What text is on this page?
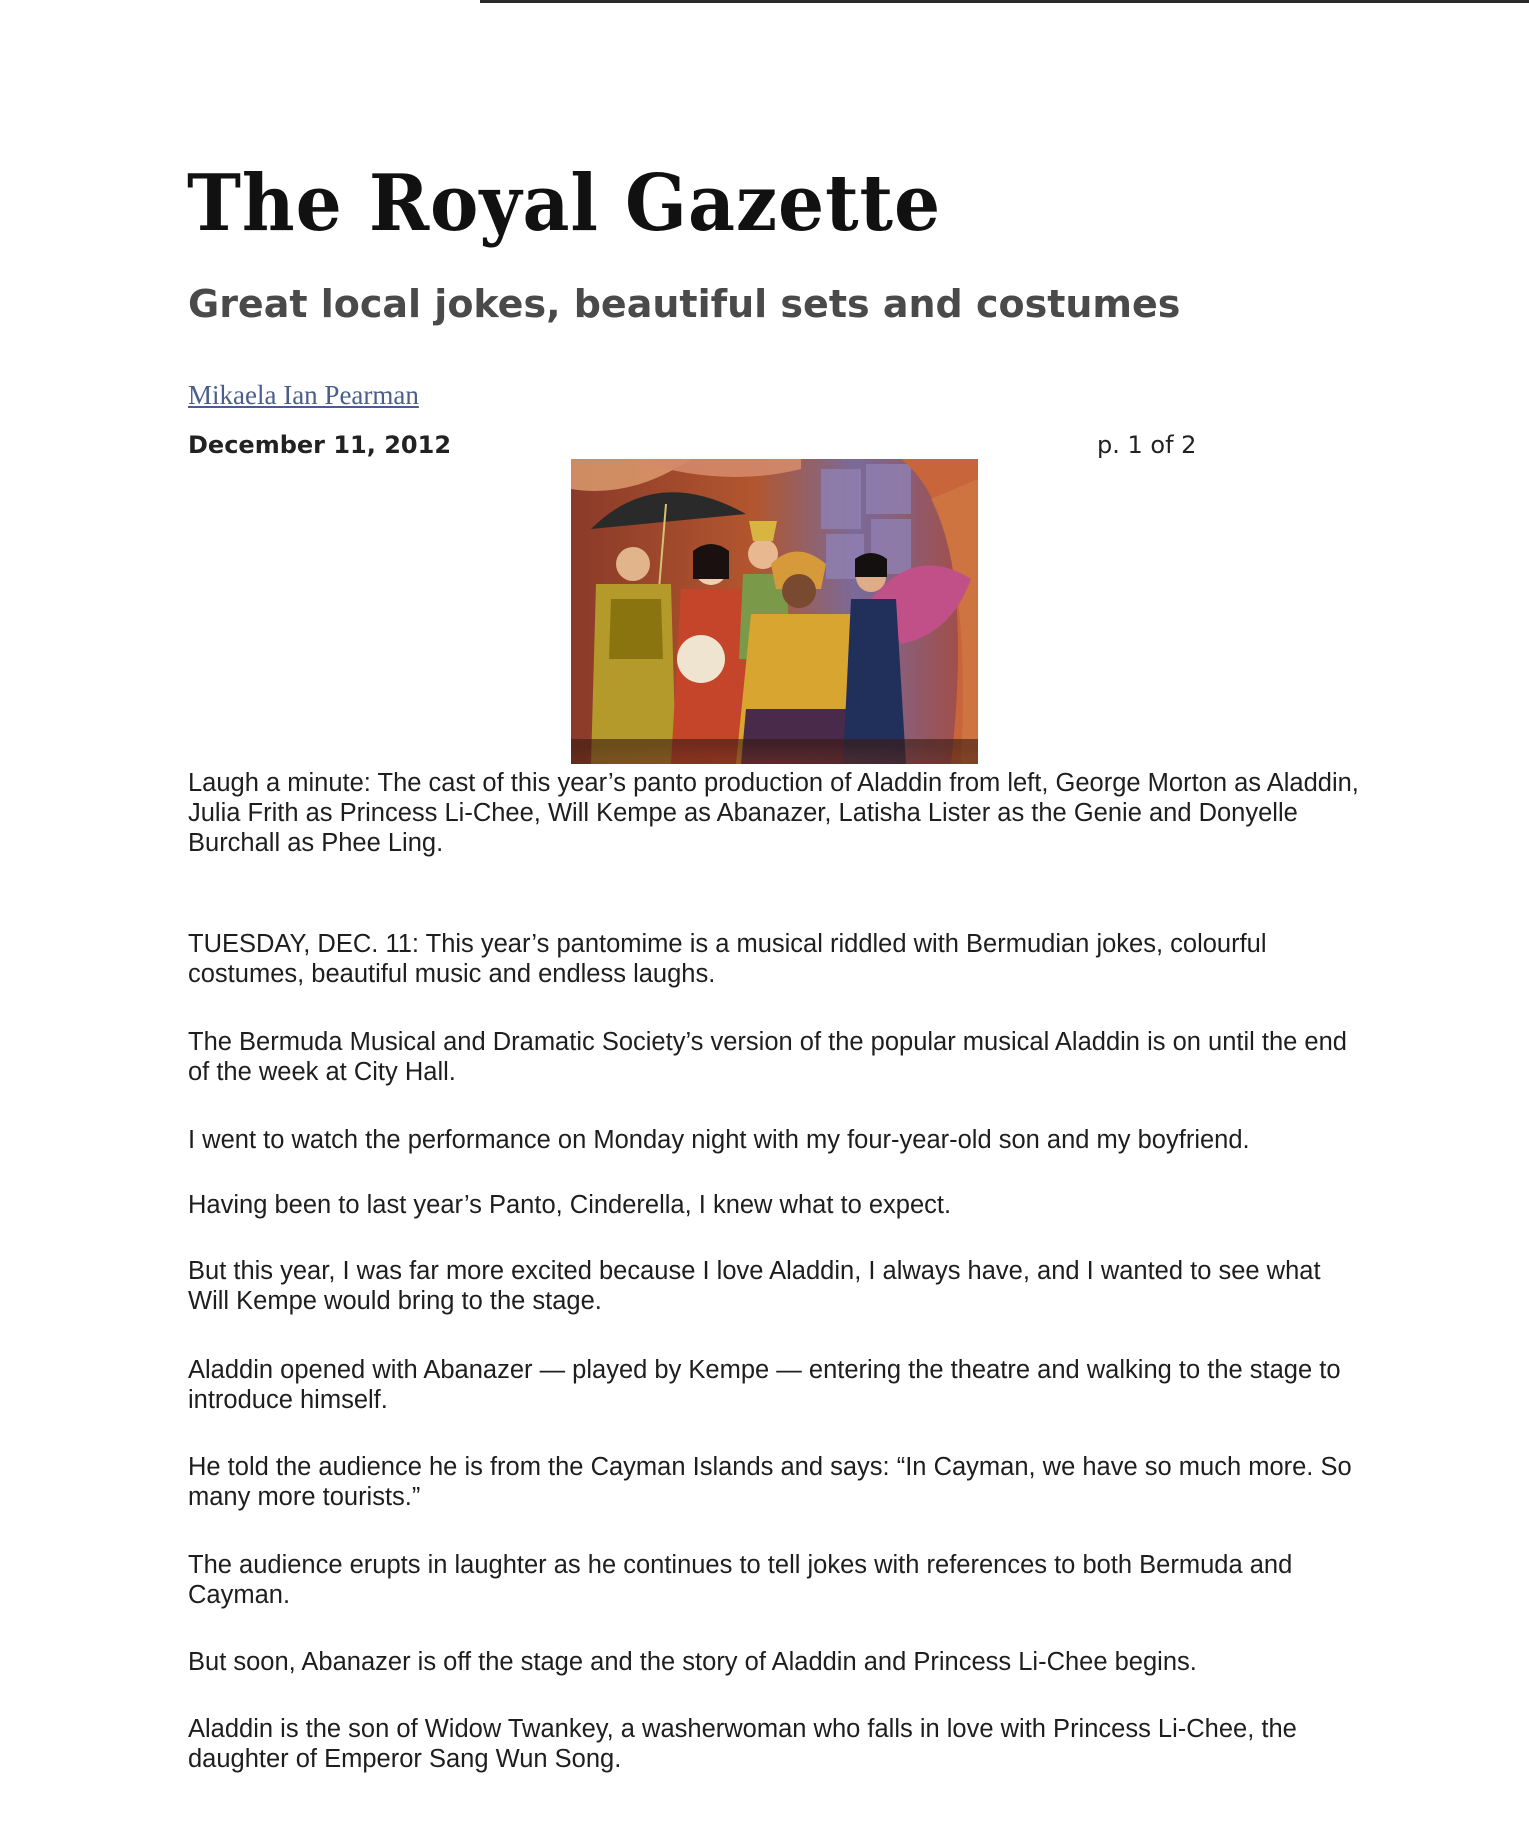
The Royal Gazette
Great local jokes, beautiful sets and costumes
Mikaela Ian Pearman
December 11, 2012	p. 1 of 2
Laugh a minute: The cast of this year’s panto production of Aladdin from left, George Morton as Aladdin, Julia Frith as Princess Li-Chee, Will Kempe as Abanazer, Latisha Lister as the Genie and Donyelle Burchall as Phee Ling.
TUESDAY, DEC. 11: This year’s pantomime is a musical riddled with Bermudian jokes, colourful costumes, beautiful music and endless laughs.
The Bermuda Musical and Dramatic Society’s version of the popular musical Aladdin is on until the end of the week at City Hall.
I went to watch the performance on Monday night with my four-year-old son and my boyfriend.
Having been to last year’s Panto, Cinderella, I knew what to expect.
But this year, I was far more excited because I love Aladdin, I always have, and I wanted to see what Will Kempe would bring to the stage.
Aladdin opened with Abanazer — played by Kempe — entering the theatre and walking to the stage to introduce himself.
He told the audience he is from the Cayman Islands and says: “In Cayman, we have so much more. So many more tourists.”
The audience erupts in laughter as he continues to tell jokes with references to both Bermuda and Cayman.
But soon, Abanazer is off the stage and the story of Aladdin and Princess Li-Chee begins.
Aladdin is the son of Widow Twankey, a washerwoman who falls in love with Princess Li-Chee, the daughter of Emperor Sang Wun Song.
